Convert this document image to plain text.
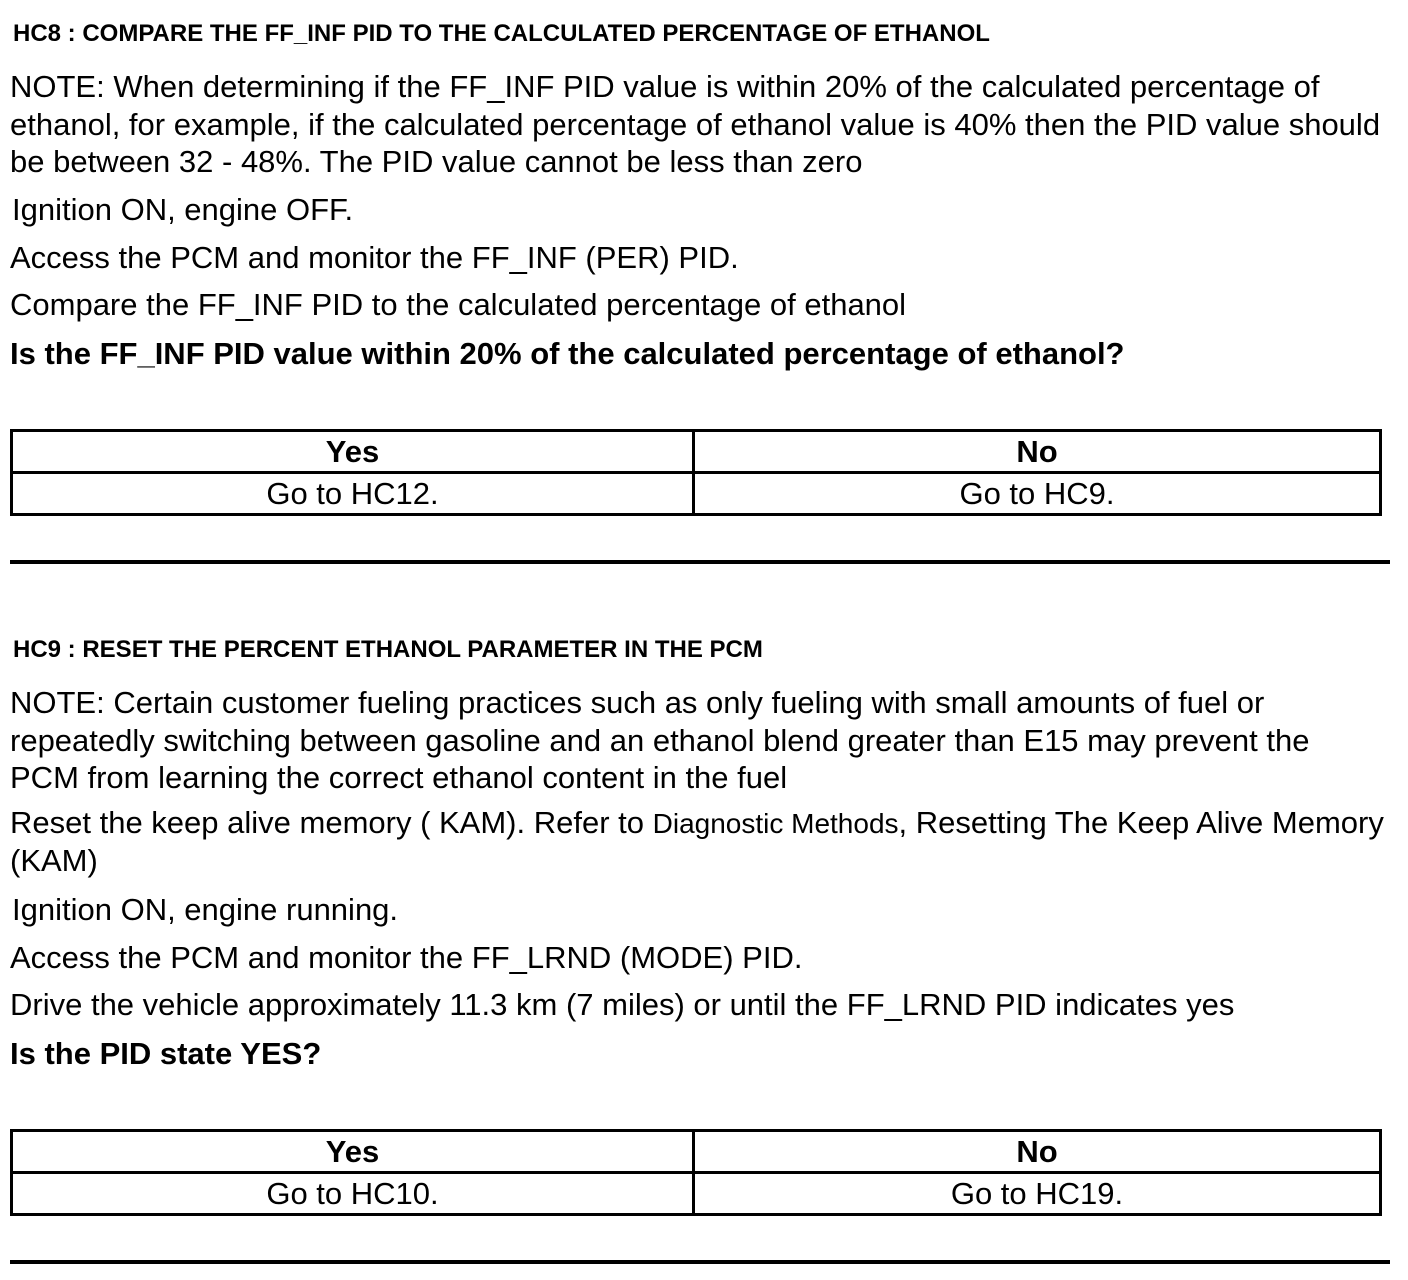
HC8 : COMPARE THE FF_INF PID TO THE CALCULATED PERCENTAGE OF ETHANOL
NOTE: When determining if the FF_INF PID value is within 20% of the calculated percentage of ethanol, for example, if the calculated percentage of ethanol value is 40% then the PID value should be between 32 - 48%. The PID value cannot be less than zero
Ignition ON, engine OFF.
Access the PCM and monitor the FF_INF (PER) PID.
Compare the FF_INF PID to the calculated percentage of ethanol
Is the FF_INF PID value within 20% of the calculated percentage of ethanol?
Yes	No
Go to HC12.	Go to HC9.
HC9 : RESET THE PERCENT ETHANOL PARAMETER IN THE PCM
NOTE: Certain customer fueling practices such as only fueling with small amounts of fuel or repeatedly switching between gasoline and an ethanol blend greater than E15 may prevent the PCM from learning the correct ethanol content in the fuel
Reset the keep alive memory ( KAM). Refer to Diagnostic Methods, Resetting The Keep Alive Memory (KAM)
Ignition ON, engine running.
Access the PCM and monitor the FF_LRND (MODE) PID.
Drive the vehicle approximately 11.3 km (7 miles) or until the FF_LRND PID indicates yes
Is the PID state YES?
Yes	No
Go to HC10.	Go to HC19.
